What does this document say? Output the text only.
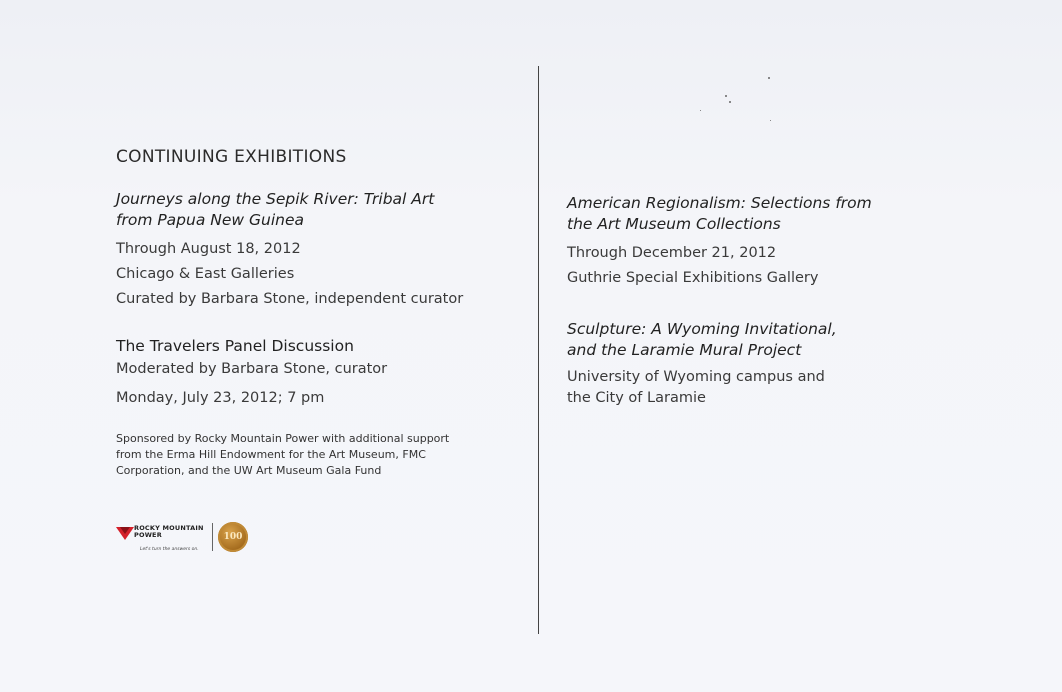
CONTINUING EXHIBITIONS

Journeys along the Sepik River: Tribal Art
from Papua New Guinea

Through August 18, 2012

Chicago & East Galleries

Curated by Barbara Stone, independent curator

The Travelers Panel Discussion

Moderated by Barbara Stone, curator

Monday, July 23, 2012; 7 pm

Sponsored by Rocky Mountain Power with additional support
from the Erma Hill Endowment for the Art Museum, FMC
Corporation, and the UW Art Museum Gala Fund

ROCKY MOUNTAIN
POWER
Let's turn the answers on.
100

American Regionalism: Selections from
the Art Museum Collections

Through December 21, 2012

Guthrie Special Exhibitions Gallery

Sculpture: A Wyoming Invitational,
and the Laramie Mural Project

University of Wyoming campus and
the City of Laramie
